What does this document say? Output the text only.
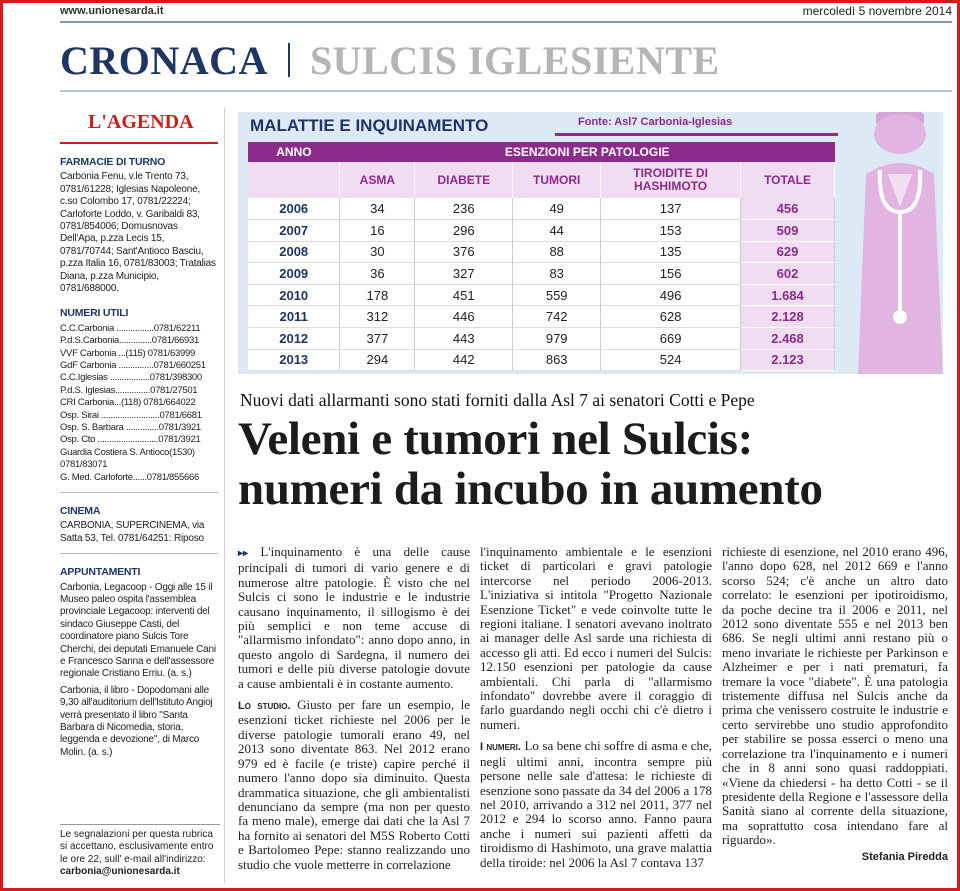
www.unionesarda.it	mercoledì 5 novembre 2014
CRONACA SULCIS IGLESIENTE
L'AGENDA
FARMACIE DI TURNO
Carbonia Fenu, v.le Trento 73, 0781/61228; Iglesias Napoleone, c.so Colombo 17, 0781/22224; Carloforte Loddo, v. Garibaldi 83, 0781/854006; Domusnovas Dell'Apa, p.zza Lecis 15, 0781/70744; Sant'Antioco Basciu, p.zza Italia 16, 0781/83003; Tratalias Diana, p.zza Municipio, 0781/688000.
NUMERI UTILI
C.C.Carbonia ................0781/62211
P.d.S.Carbonia..............0781/66931
VVF Carbonia ...(115) 0781/63999
GdF Carbonia ...............0781/660251
C.C.Iglesias .................0781/398300
P.d.S. Iglesias...............0781/27501
CRI Carbonia...(118) 0781/664022
Osp. Sirai .........................0781/6681
Osp. S. Barbara ..............0781/3921
Osp. Cto ..........................0781/3921
Guardia Costiera S. Antioco(1530)
0781/83071
G. Med. Carloforte......0781/855666
CINEMA
CARBONIA, SUPERCINEMA, via Satta 53, Tel. 0781/64251: Riposo
APPUNTAMENTI
Carbonia, Legacoop - Oggi alle 15 il Museo paleo ospita l'assemblea provinciale Legacoop: interventi del sindaco Giuseppe Casti, del coordinatore piano Sulcis Tore Cherchi, dei deputati Emanuele Cani e Francesco Sanna e dell'assessore regionale Cristiano Erriu. (a. s.)
Carbonia, il libro - Dopodomani alle 9,30 all'auditorium dell'Istituto Angioj verrà presentato il libro "Santa Barbara di Nicomedia, storia, leggenda e devozione", di Marco Molin. (a. s.)
Le segnalazioni per questa rubrica si accettano, esclusivamente entro le ore 22, sull' e-mail all'indirizzo:
carbonia@unionesarda.it
MALATTIE E INQUINAMENTO	Fonte: Asl7 Carbonia-Iglesias
ANNO	ESENZIONI PER PATOLOGIE				
	ASMA	DIABETE	TUMORI	TIROIDITE DI HASHIMOTO	TOTALE
2006	34	236	49	137	456
2007	16	296	44	153	509
2008	30	376	88	135	629
2009	36	327	83	156	602
2010	178	451	559	496	1.684
2011	312	446	742	628	2.128
2012	377	443	979	669	2.468
2013	294	442	863	524	2.123
Nuovi dati allarmanti sono stati forniti dalla Asl 7 ai senatori Cotti e Pepe
Veleni e tumori nel Sulcis:
numeri da incubo in aumento

▸▸ L'inquinamento è una delle cause principali di tumori di vario genere e di numerose altre patologie. È visto che nel Sulcis ci sono le industrie e le industrie causano inquinamento, il sillogismo è dei più semplici e non teme accuse di "allarmismo infondato": anno dopo anno, in questo angolo di Sardegna, il numero dei tumori e delle più diverse patologie dovute a cause ambientali è in costante aumento.

Lo studio. Giusto per fare un esempio, le esenzioni ticket richieste nel 2006 per le diverse patologie tumorali erano 49, nel 2013 sono diventate 863. Nel 2012 erano 979 ed è facile (e triste) capire perché il numero l'anno dopo sia diminuito. Questa drammatica situazione, che gli ambientalisti denunciano da sempre (ma non per questo fa meno male), emerge dai dati che la Asl 7 ha fornito ai senatori del M5S Roberto Cotti e Bartolomeo Pepe: stanno realizzando uno studio che vuole metterre in correlazione

l'inquinamento ambientale e le esenzioni ticket di particolari e gravi patologie intercorse nel periodo 2006-2013. L'iniziativa si intitola "Progetto Nazionale Esenzione Ticket" e vede coinvolte tutte le regioni italiane. I senatori avevano inoltrato ai manager delle Asl sarde una richiesta di accesso gli atti. Ed ecco i numeri del Sulcis: 12.150 esenzioni per patologie da cause ambientali. Chi parla di "allarmismo infondato" dovrebbe avere il coraggio di farlo guardando negli occhi chi c'è dietro i numeri.

I numeri. Lo sa bene chi soffre di asma e che, negli ultimi anni, incontra sempre più persone nelle sale d'attesa: le richieste di esenzione sono passate da 34 del 2006 a 178 nel 2010, arrivando a 312 nel 2011, 377 nel 2012 e 294 lo scorso anno. Fanno paura anche i numeri sui pazienti affetti da tiroidismo di Hashimoto, una grave malattia della tiroide: nel 2006 la Asl 7 contava 137

richieste di esenzione, nel 2010 erano 496, l'anno dopo 628, nel 2012 669 e l'anno scorso 524; c'è anche un altro dato correlato: le esenzioni per ipotiroidismo, da poche decine tra il 2006 e 2011, nel 2012 sono diventate 555 e nel 2013 ben 686. Se negli ultimi anni restano più o meno invariate le richieste per Parkinson e Alzheimer e per i nati prematuri, fa tremare la voce "diabete". È una patologia tristemente diffusa nel Sulcis anche da prima che venissero costruite le industrie e certo servirebbe uno studio approfondito per stabilire se possa esserci o meno una correlazione tra l'inquinamento e i numeri che in 8 anni sono quasi raddoppiati. «Viene da chiedersi - ha detto Cotti - se il presidente della Regione e l'assessore della Sanità siano al corrente della situazione, ma soprattutto cosa intendano fare al riguardo».

Stefania Piredda
